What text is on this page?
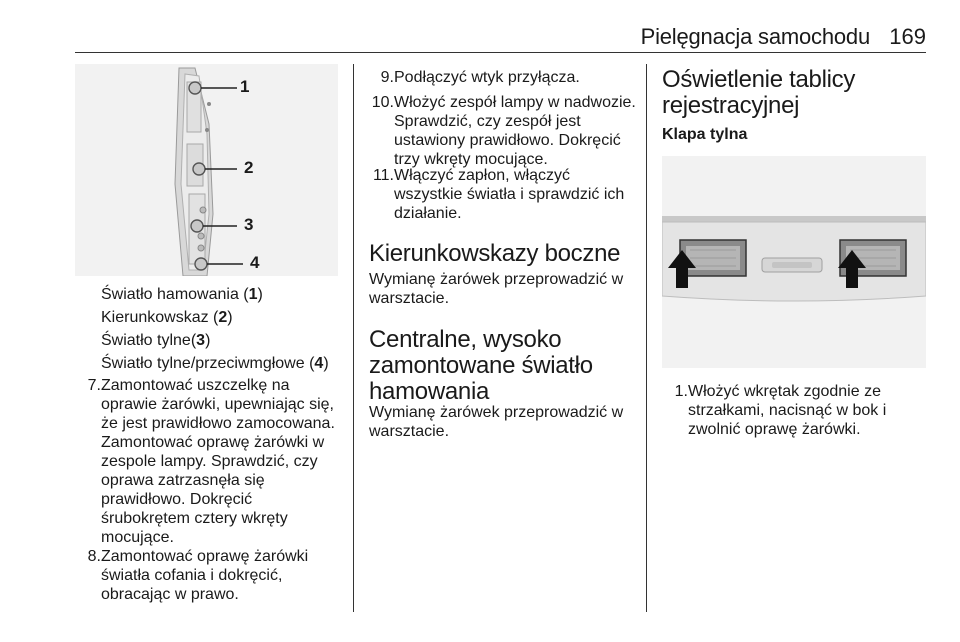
Pielęgnacja samochodu 169
1
2
3
4
Światło hamowania (1)
Kierunkowskaz (2)
Światło tylne(3)
Światło tylne/przeciwmgłowe (4)
7. Zamontować uszczelkę na
oprawie żarówki, upewniając się,
że jest prawidłowo zamocowana.
Zamontować oprawę żarówki w
zespole lampy. Sprawdzić, czy
oprawa zatrzasnęła się
prawidłowo. Dokręcić
śrubokrętem cztery wkręty
mocujące.
8. Zamontować oprawę żarówki
światła cofania i dokręcić,
obracając w prawo.
9. Podłączyć wtyk przyłącza.
10. Włożyć zespół lampy w nadwozie.
Sprawdzić, czy zespół jest
ustawiony prawidłowo. Dokręcić
trzy wkręty mocujące.
11. Włączyć zapłon, włączyć
wszystkie światła i sprawdzić ich
działanie.
Kierunkowskazy boczne
Wymianę żarówek przeprowadzić w
warsztacie.
Centralne, wysoko
zamontowane światło
hamowania
Wymianę żarówek przeprowadzić w
warsztacie.
Oświetlenie tablicy
rejestracyjnej
Klapa tylna
1. Włożyć wkrętak zgodnie ze
strzałkami, nacisnąć w bok i
zwolnić oprawę żarówki.
